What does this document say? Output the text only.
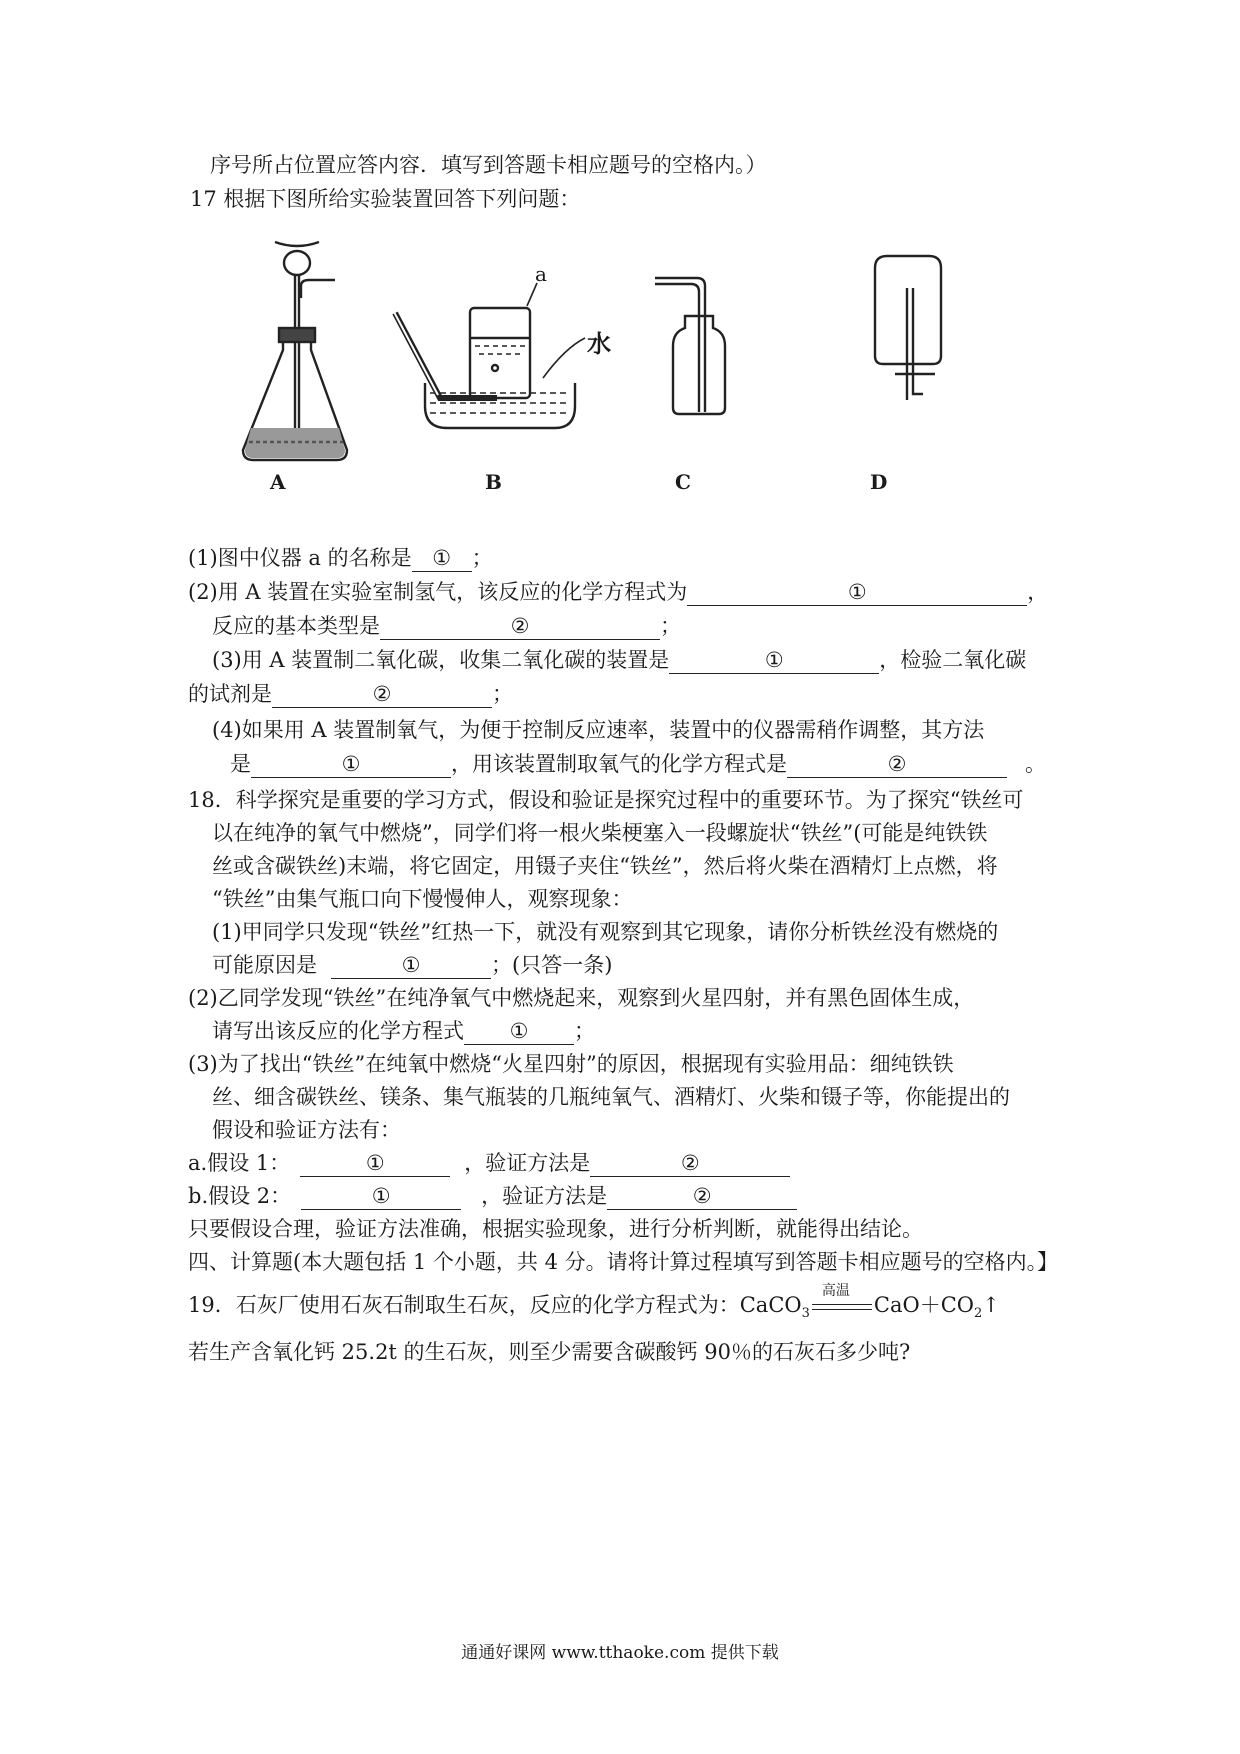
序号所占位置应答内容．填写到答题卡相应题号的空格内。）
17 根据下图所给实验装置回答下列问题：
A	B	C	D
a
水
(1)图中仪器 a 的名称是 ① ；
(2)用 A 装置在实验室制氢气，该反应的化学方程式为	①	，
反应的基本类型是	②	；
(3)用 A 装置制二氧化碳，收集二氧化碳的装置是	①	，检验二氧化碳
的试剂是	②	；
(4)如果用 A 装置制氧气，为便于控制反应速率，装置中的仪器需稍作调整，其方法
是	①	，用该装置制取氧气的化学方程式是	②	。
18．科学探究是重要的学习方式，假设和验证是探究过程中的重要环节。为了探究“铁丝可
以在纯净的氧气中燃烧”，同学们将一根火柴梗塞入一段螺旋状“铁丝”(可能是纯铁铁
丝或含碳铁丝)末端，将它固定，用镊子夹住“铁丝”，然后将火柴在酒精灯上点燃，将
“铁丝”由集气瓶口向下慢慢伸人，观察现象：
(1)甲同学只发现“铁丝”红热一下，就没有观察到其它现象，请你分析铁丝没有燃烧的
可能原因是	①	；(只答一条)
(2)乙同学发现“铁丝”在纯净氧气中燃烧起来，观察到火星四射，并有黑色固体生成，
请写出该反应的化学方程式 ① ；
(3)为了找出“铁丝”在纯氧中燃烧“火星四射”的原因，根据现有实验用品：细纯铁铁
丝、细含碳铁丝、镁条、集气瓶装的几瓶纯氧气、酒精灯、火柴和镊子等，你能提出的
假设和验证方法有：
a.假设 1：	①	，验证方法是	②
b.假设 2：	①	，验证方法是	②
只要假设合理，验证方法准确，根据实验现象，进行分析判断，就能得出结论。
四、计算题(本大题包括 1 个小题，共 4 分。请将计算过程填写到答题卡相应题号的空格内。】
19．石灰厂使用石灰石制取生石灰，反应的化学方程式为：CaCO$_3$
高温
$CaO+CO_2↑$
若生产含氧化钙 25.2t 的生石灰，则至少需要含碳酸钙 90％的石灰石多少吨?
通通好课网 www.tthaoke.com 提供下载
